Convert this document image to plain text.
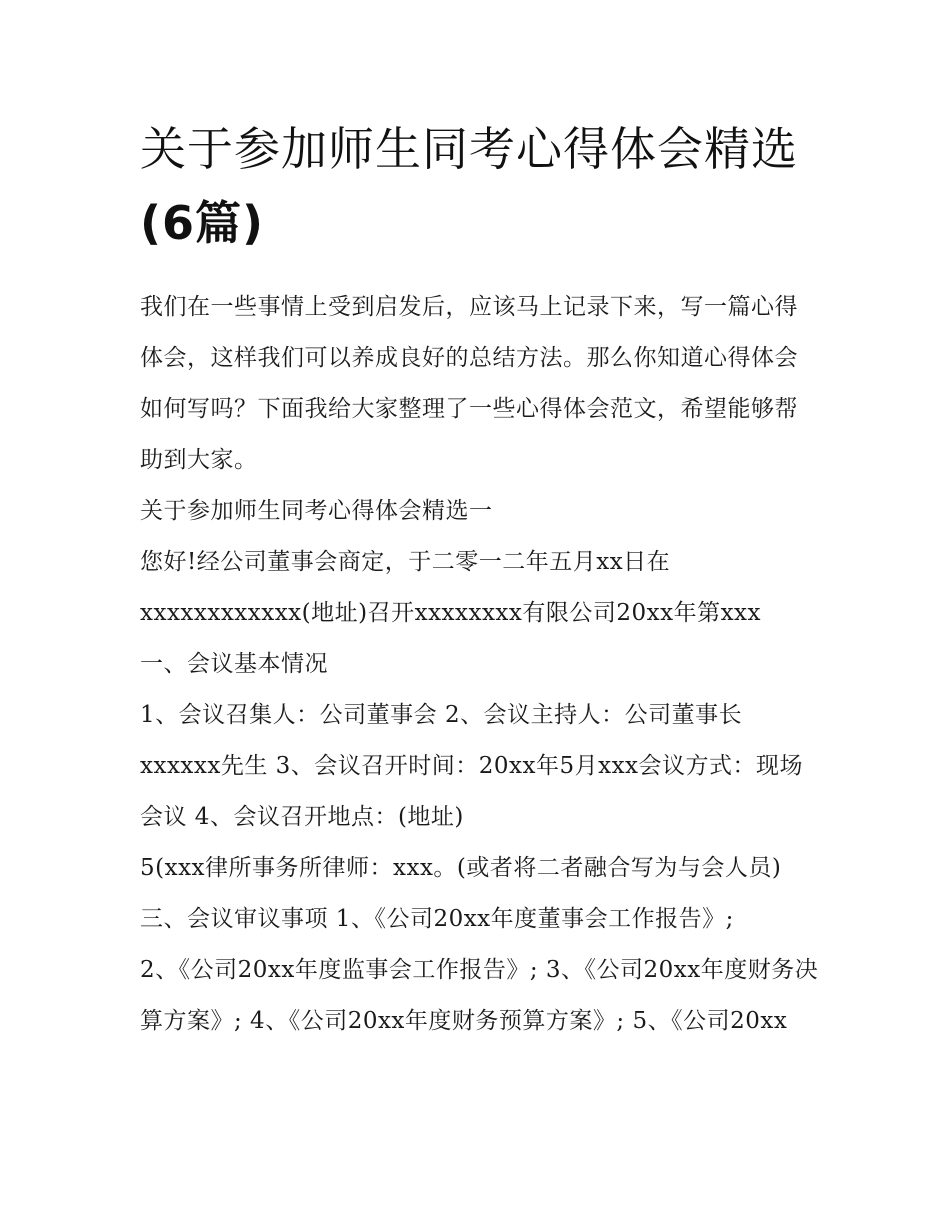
关于参加师生同考心得体会精选(6篇)

我们在一些事情上受到启发后，应该马上记录下来，写一篇心得体会，这样我们可以养成良好的总结方法。那么你知道心得体会如何写吗？下面我给大家整理了一些心得体会范文，希望能够帮助到大家。

关于参加师生同考心得体会精选一

您好!经公司董事会商定，于二零一二年五月xx日在

xxxxxxxxxxxx(地址)召开xxxxxxxx有限公司20xx年第xxx

一、会议基本情况

1、会议召集人：公司董事会 2、会议主持人：公司董事长xxxxxx先生 3、会议召开时间：20xx年5月xxx会议方式：现场会议 4、会议召开地点：(地址)

5(xxx律所事务所律师：xxx。(或者将二者融合写为与会人员)

三、会议审议事项 1、《公司20xx年度董事会工作报告》;

2、《公司20xx年度监事会工作报告》; 3、《公司20xx年度财务决算方案》; 4、《公司20xx年度财务预算方案》; 5、《公司20xx
